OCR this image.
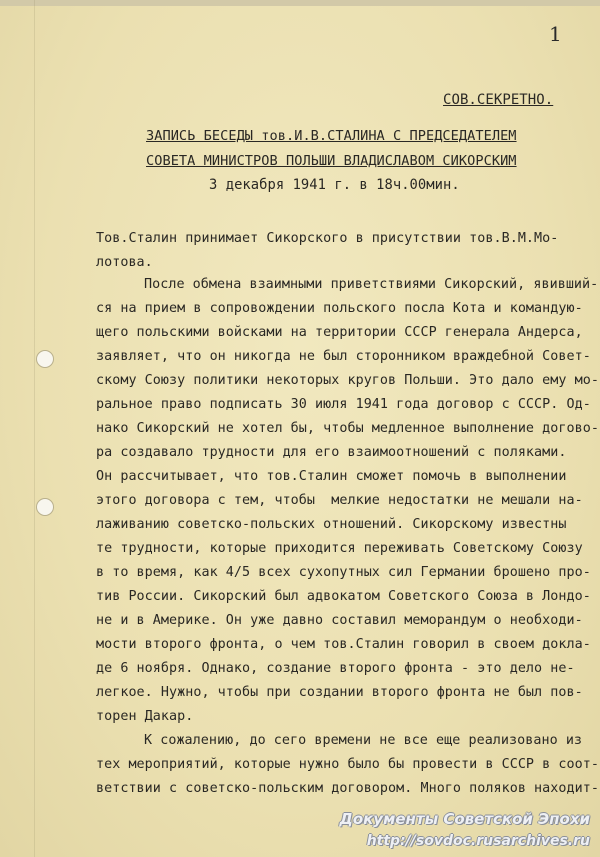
1
СОВ.СЕКРЕТНО.
ЗАПИСЬ БЕСЕДЫ тов.И.В.СТАЛИНА С ПРЕДСЕДАТЕЛЕМ
СОВЕТА МИНИСТРОВ ПОЛЬШИ ВЛАДИСЛАВОМ СИКОРСКИМ
3 декабря 1941 г. в 18ч.00мин.
Тов.Сталин принимает Сикорского в присутствии тов.В.М.Мо-
лотова.
После обмена взаимными приветствиями Сикорский, явивший-
ся на прием в сопровождении польского посла Кота и командую-
щего польскими войсками на территории СССР генерала Андерса,
заявляет, что он никогда не был сторонником враждебной Совет-
скому Союзу политики некоторых кругов Польши. Это дало ему мо-
ральное право подписать 30 июля 1941 года договор с СССР. Од-
нако Сикорский не хотел бы, чтобы медленное выполнение догово-
ра создавало трудности для его взаимоотношений с поляками.
Он рассчитывает, что тов.Сталин сможет помочь в выполнении
этого договора с тем, чтобы  мелкие недостатки не мешали на-
лаживанию советско-польских отношений. Сикорскому известны
те трудности, которые приходится переживать Советскому Союзу
в то время, как 4/5 всех сухопутных сил Германии брошено про-
тив России. Сикорский был адвокатом Советского Союза в Лондо-
не и в Америке. Он уже давно составил меморандум о необходи-
мости второго фронта, о чем тов.Сталин говорил в своем докла-
де 6 ноября. Однако, создание второго фронта - это дело не-
легкое. Нужно, чтобы при создании второго фронта не был пов-
торен Дакар.
К сожалению, до сего времени не все еще реализовано из
тех мероприятий, которые нужно было бы провести в СССР в соот-
ветствии с советско-польским договором. Много поляков находит-
Документы Советской Эпохи
http://sovdoc.rusarchives.ru
